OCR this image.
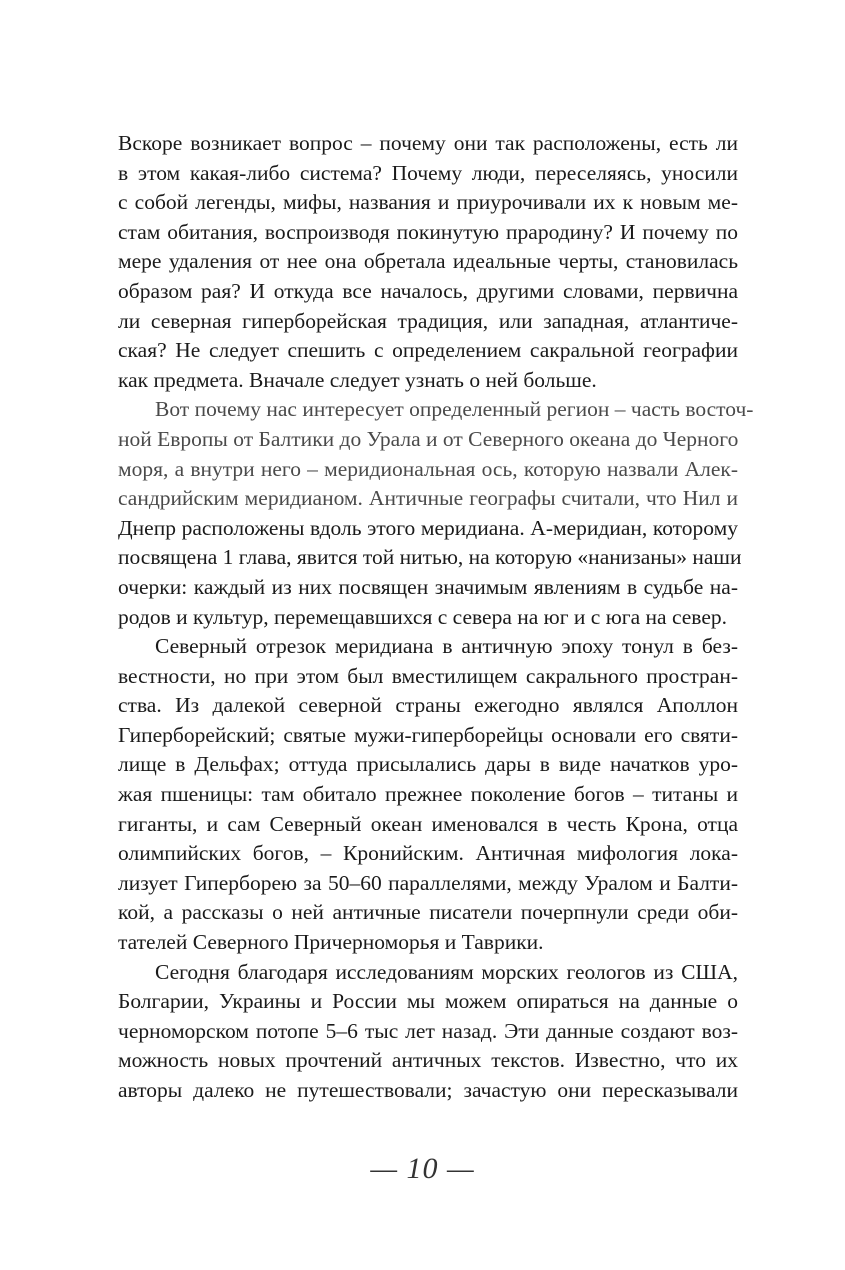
Вскоре возникает вопрос – почему они так расположены, есть ли
в этом какая-либо система? Почему люди, переселяясь, уносили
с собой легенды, мифы, названия и приурочивали их к новым ме-
стам обитания, воспроизводя покинутую прародину? И почему по
мере удаления от нее она обретала идеальные черты, становилась
образом рая? И откуда все началось, другими словами, первична
ли северная гиперборейская традиция, или западная, атлантиче-
ская? Не следует спешить с определением сакральной географии
как предмета. Вначале следует узнать о ней больше.
Вот почему нас интересует определенный регион – часть восточ-
ной Европы от Балтики до Урала и от Северного океана до Черного
моря, а внутри него – меридиональная ось, которую назвали Алек-
сандрийским меридианом. Античные географы считали, что Нил и
Днепр расположены вдоль этого меридиана. А-меридиан, которому
посвящена 1 глава, явится той нитью, на которую «нанизаны» наши
очерки: каждый из них посвящен значимым явлениям в судьбе на-
родов и культур, перемещавшихся с севера на юг и с юга на север.
Северный отрезок меридиана в античную эпоху тонул в без-
вестности, но при этом был вместилищем сакрального простран-
ства. Из далекой северной страны ежегодно являлся Аполлон
Гиперборейский; святые мужи-гиперборейцы основали его святи-
лище в Дельфах; оттуда присылались дары в виде начатков уро-
жая пшеницы: там обитало прежнее поколение богов – титаны и
гиганты, и сам Северный океан именовался в честь Крона, отца
олимпийских богов, – Кронийским. Античная мифология лока-
лизует Гиперборею за 50–60 параллелями, между Уралом и Балти-
кой, а рассказы о ней античные писатели почерпнули среди оби-
тателей Северного Причерноморья и Таврики.
Сегодня благодаря исследованиям морских геологов из США,
Болгарии, Украины и России мы можем опираться на данные о
черноморском потопе 5–6 тыс лет назад. Эти данные создают воз-
можность новых прочтений античных текстов. Известно, что их
авторы далеко не путешествовали; зачастую они пересказывали
— 10 —
